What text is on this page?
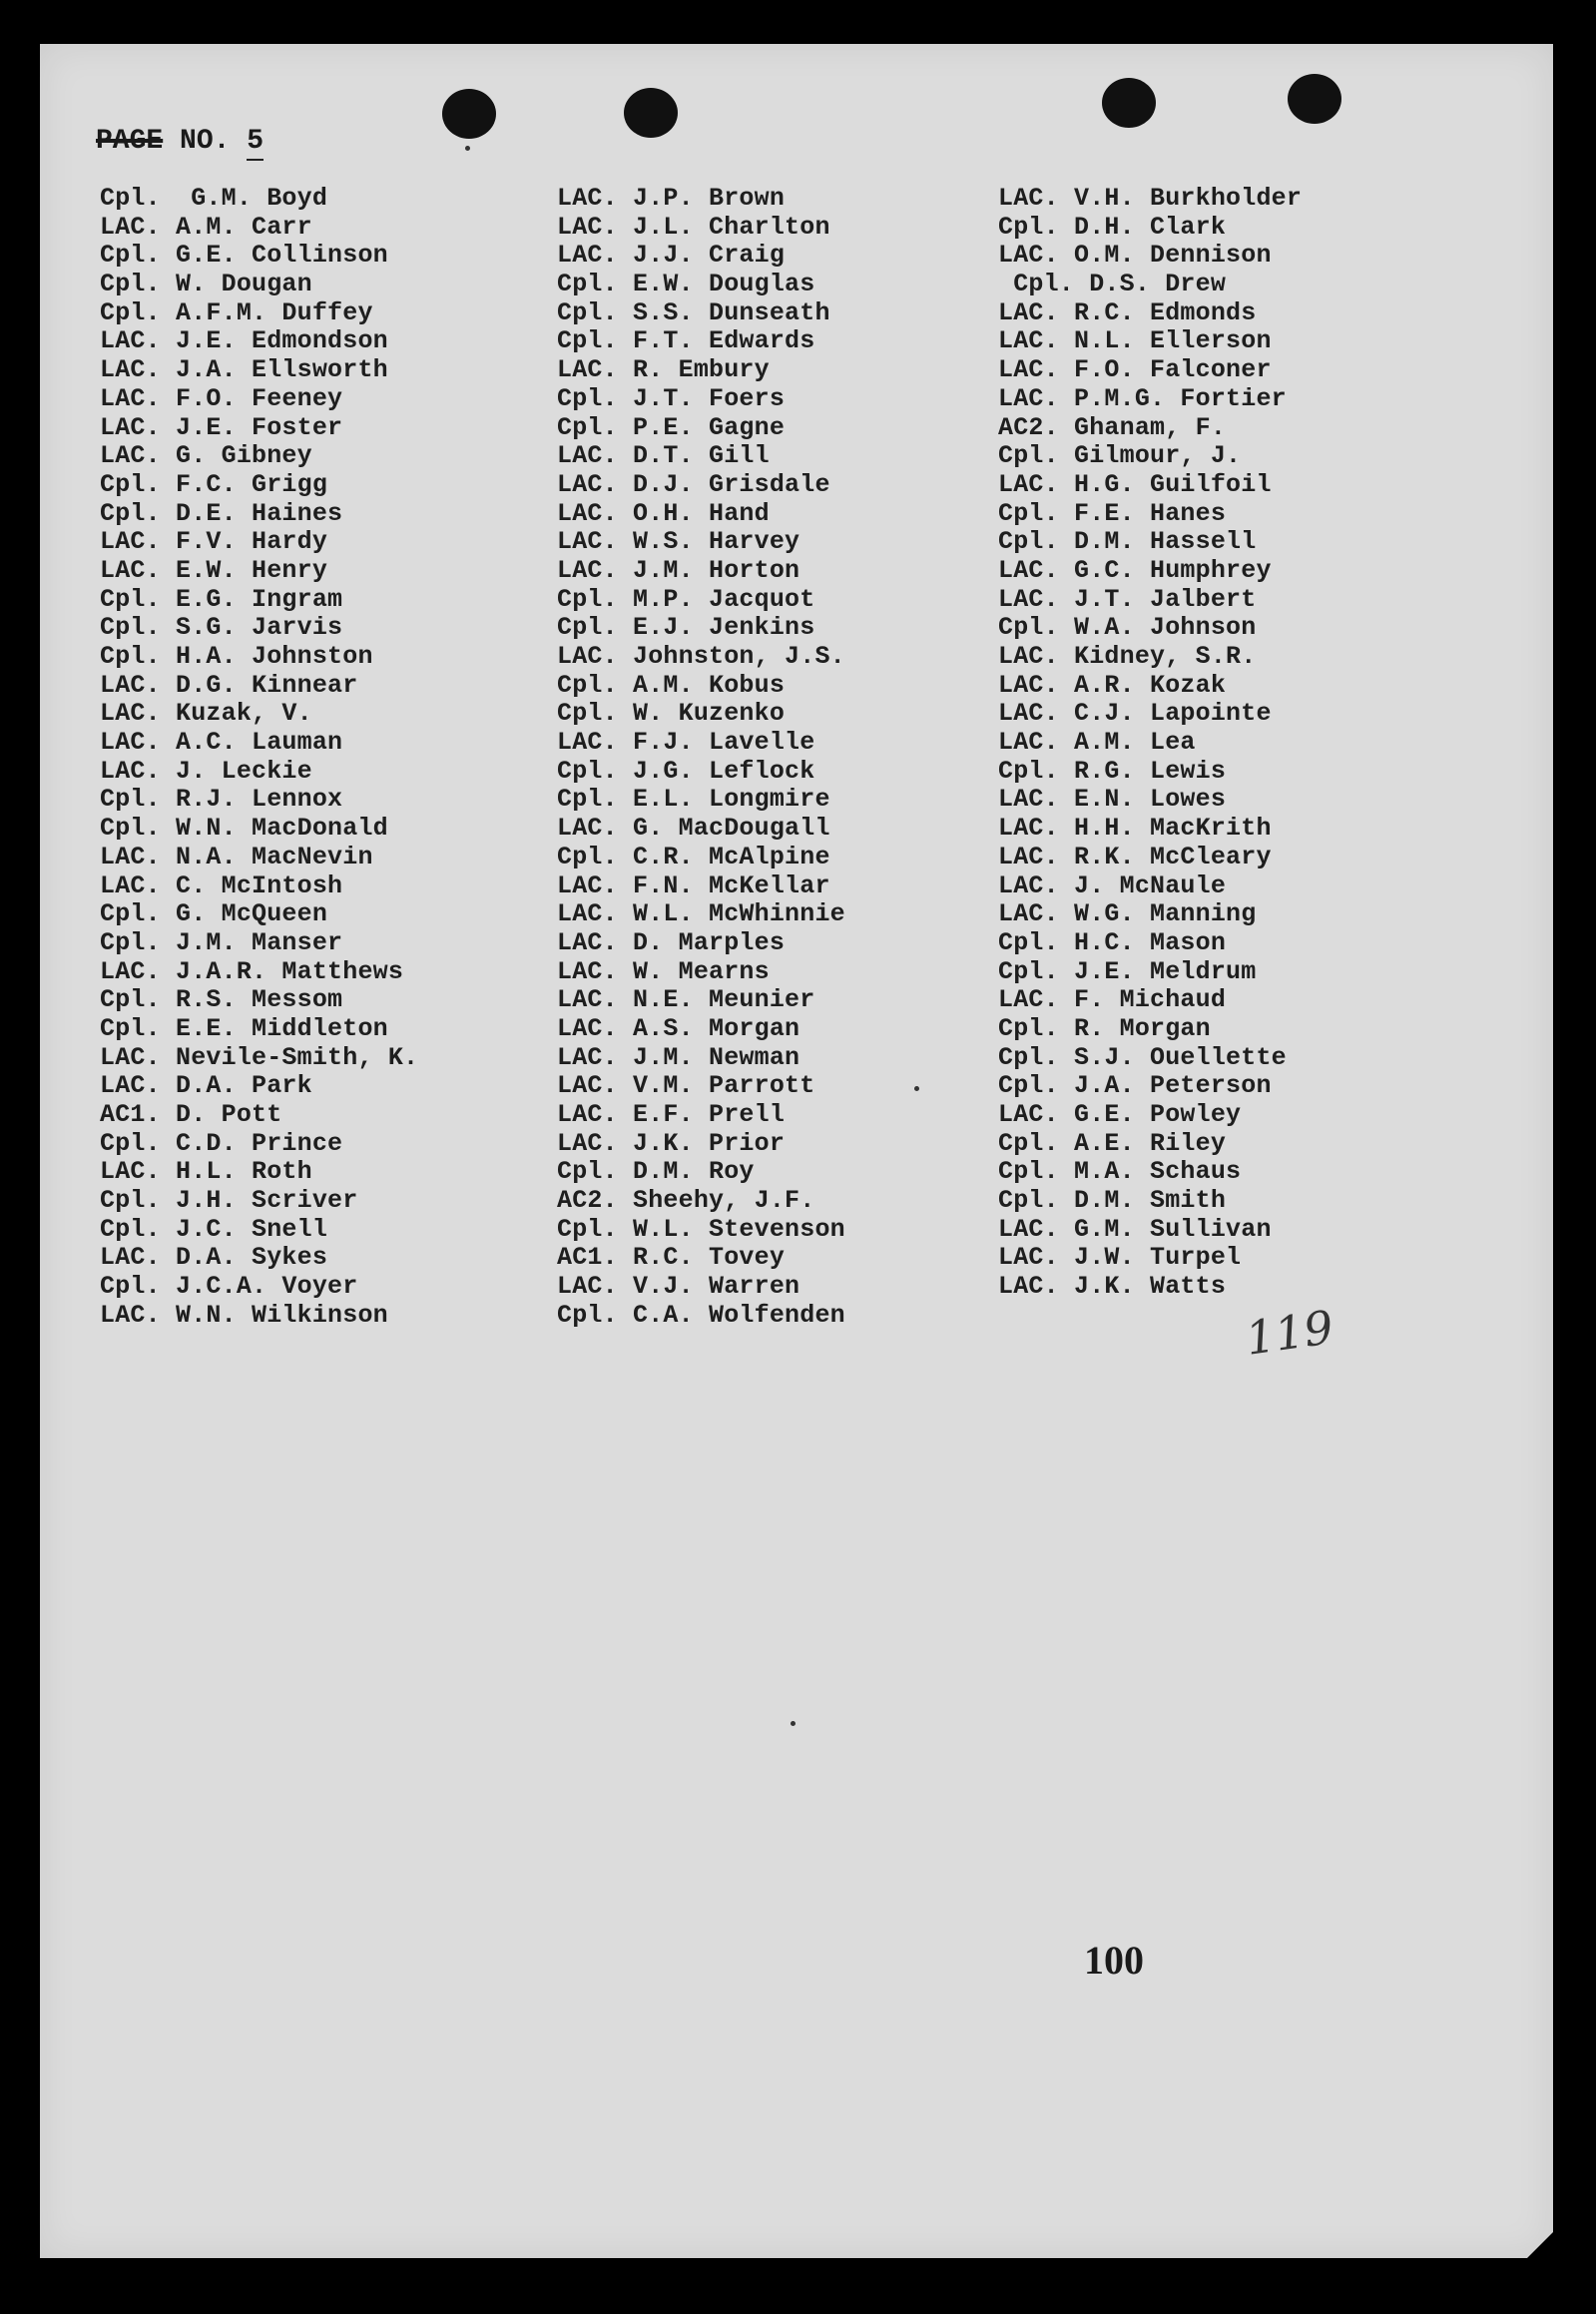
PAGE NO. 5
Cpl.  G.M. Boyd
LAC. A.M. Carr
Cpl. G.E. Collinson
Cpl. W. Dougan
Cpl. A.F.M. Duffey
LAC. J.E. Edmondson
LAC. J.A. Ellsworth
LAC. F.O. Feeney
LAC. J.E. Foster
LAC. G. Gibney
Cpl. F.C. Grigg
Cpl. D.E. Haines
LAC. F.V. Hardy
LAC. E.W. Henry
Cpl. E.G. Ingram
Cpl. S.G. Jarvis
Cpl. H.A. Johnston
LAC. D.G. Kinnear
LAC. Kuzak, V.
LAC. A.C. Lauman
LAC. J. Leckie
Cpl. R.J. Lennox
Cpl. W.N. MacDonald
LAC. N.A. MacNevin
LAC. C. McIntosh
Cpl. G. McQueen
Cpl. J.M. Manser
LAC. J.A.R. Matthews
Cpl. R.S. Messom
Cpl. E.E. Middleton
LAC. Nevile-Smith, K.
LAC. D.A. Park
AC1. D. Pott
Cpl. C.D. Prince
LAC. H.L. Roth
Cpl. J.H. Scriver
Cpl. J.C. Snell
LAC. D.A. Sykes
Cpl. J.C.A. Voyer
LAC. W.N. Wilkinson
LAC. J.P. Brown
LAC. J.L. Charlton
LAC. J.J. Craig
Cpl. E.W. Douglas
Cpl. S.S. Dunseath
Cpl. F.T. Edwards
LAC. R. Embury
Cpl. J.T. Foers
Cpl. P.E. Gagne
LAC. D.T. Gill
LAC. D.J. Grisdale
LAC. O.H. Hand
LAC. W.S. Harvey
LAC. J.M. Horton
Cpl. M.P. Jacquot
Cpl. E.J. Jenkins
LAC. Johnston, J.S.
Cpl. A.M. Kobus
Cpl. W. Kuzenko
LAC. F.J. Lavelle
Cpl. J.G. Leflock
Cpl. E.L. Longmire
LAC. G. MacDougall
Cpl. C.R. McAlpine
LAC. F.N. McKellar
LAC. W.L. McWhinnie
LAC. D. Marples
LAC. W. Mearns
LAC. N.E. Meunier
LAC. A.S. Morgan
LAC. J.M. Newman
LAC. V.M. Parrott
LAC. E.F. Prell
LAC. J.K. Prior
Cpl. D.M. Roy
AC2. Sheehy, J.F.
Cpl. W.L. Stevenson
AC1. R.C. Tovey
LAC. V.J. Warren
Cpl. C.A. Wolfenden
LAC. V.H. Burkholder
Cpl. D.H. Clark
LAC. O.M. Dennison
Cpl. D.S. Drew
LAC. R.C. Edmonds
LAC. N.L. Ellerson
LAC. F.O. Falconer
LAC. P.M.G. Fortier
AC2. Ghanam, F.
Cpl. Gilmour, J.
LAC. H.G. Guilfoil
Cpl. F.E. Hanes
Cpl. D.M. Hassell
LAC. G.C. Humphrey
LAC. J.T. Jalbert
Cpl. W.A. Johnson
LAC. Kidney, S.R.
LAC. A.R. Kozak
LAC. C.J. Lapointe
LAC. A.M. Lea
Cpl. R.G. Lewis
LAC. E.N. Lowes
LAC. H.H. MacKrith
LAC. R.K. McCleary
LAC. J. McNaule
LAC. W.G. Manning
Cpl. H.C. Mason
Cpl. J.E. Meldrum
LAC. F. Michaud
Cpl. R. Morgan
Cpl. S.J. Ouellette
Cpl. J.A. Peterson
LAC. G.E. Powley
Cpl. A.E. Riley
Cpl. M.A. Schaus
Cpl. D.M. Smith
LAC. G.M. Sullivan
LAC. J.W. Turpel
LAC. J.K. Watts
119
100
